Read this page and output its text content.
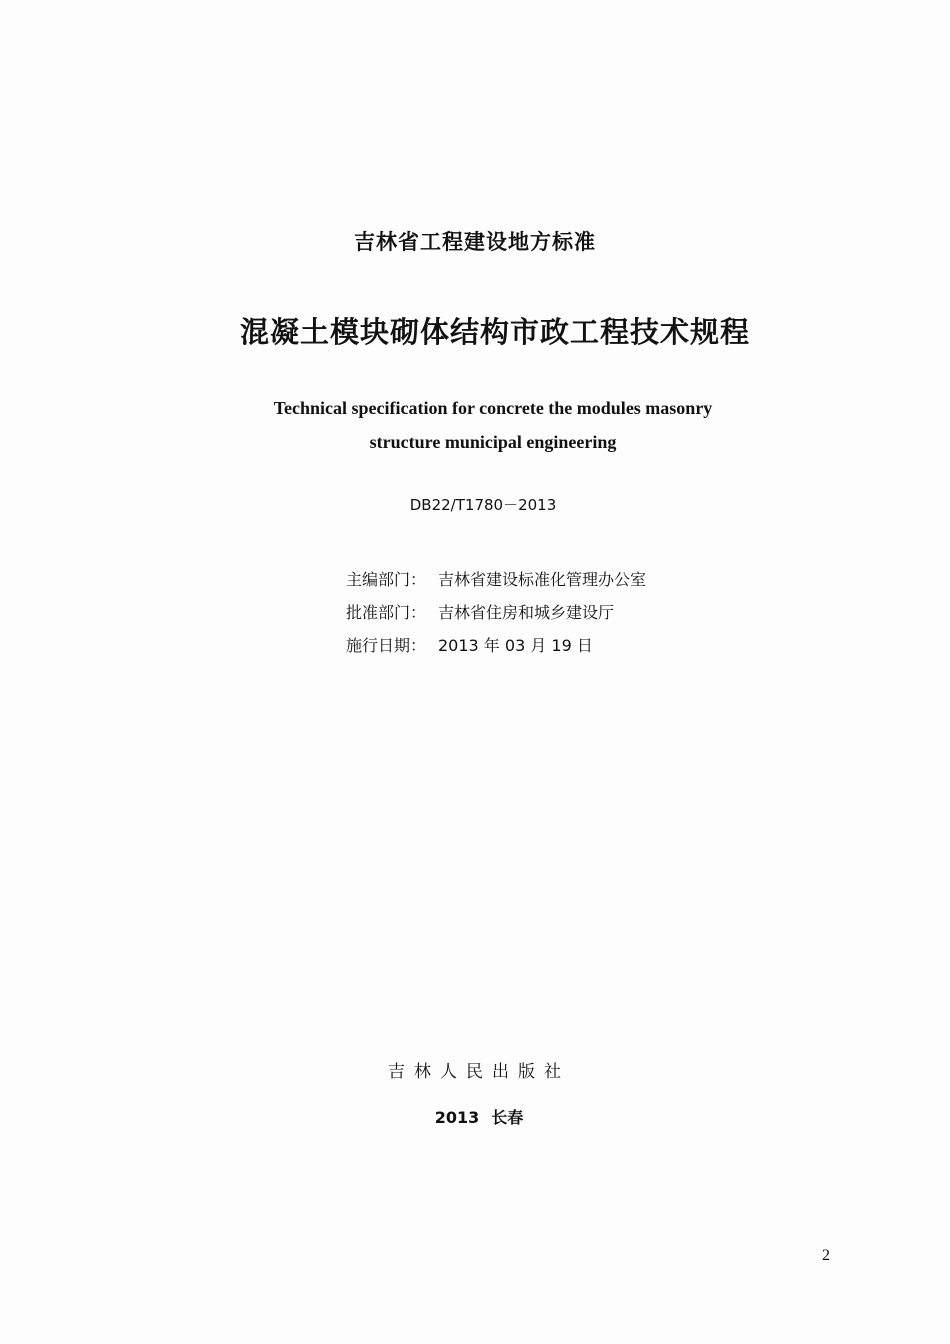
吉林省工程建设地方标准
混凝土模块砌体结构市政工程技术规程
Technical specification for concrete the modules masonry
structure municipal engineering
DB22/T1780－2013
主编部门： 吉林省建设标准化管理办公室
批准部门： 吉林省住房和城乡建设厅
施行日期： 2013 年 03 月 19 日
吉林人民出版社
2013 长春
2
